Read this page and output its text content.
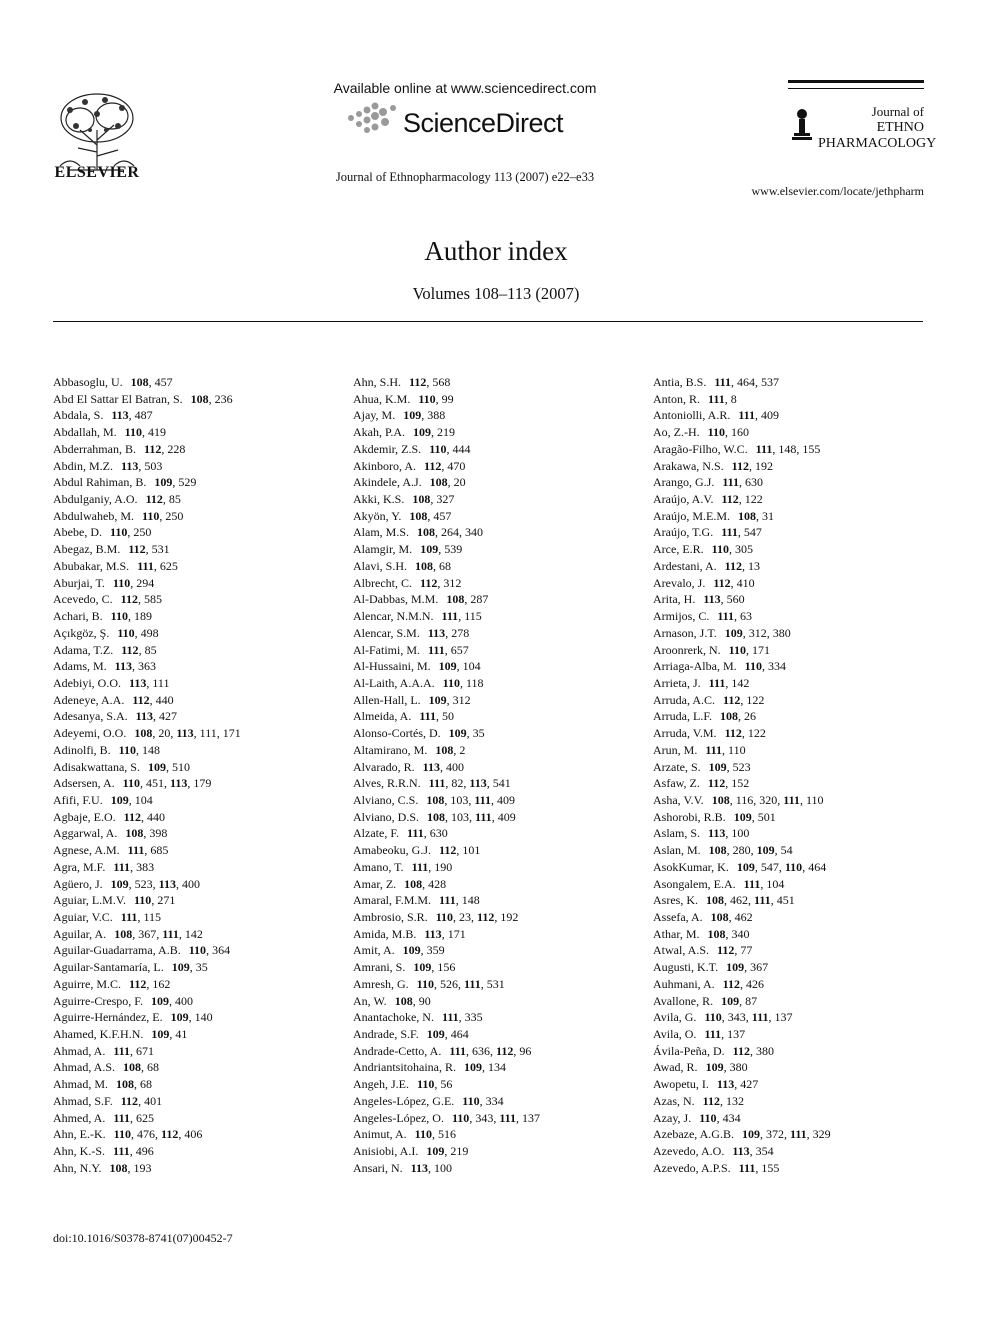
ELSEVIER
Available online at www.sciencedirect.com
ScienceDirect
Journal of Ethnopharmacology 113 (2007) e22–e33
Journal of
ETHNO
PHARMACOLOGY
www.elsevier.com/locate/jethpharm
Author index
Volumes 108–113 (2007)
Abbasoglu, U. 108, 457
Abd El Sattar El Batran, S. 108, 236
Abdala, S. 113, 487
Abdallah, M. 110, 419
Abderrahman, B. 112, 228
Abdin, M.Z. 113, 503
Abdul Rahiman, B. 109, 529
Abdulganiy, A.O. 112, 85
Abdulwaheb, M. 110, 250
Abebe, D. 110, 250
Abegaz, B.M. 112, 531
Abubakar, M.S. 111, 625
Aburjai, T. 110, 294
Acevedo, C. 112, 585
Achari, B. 110, 189
Açıkgöz, Ş. 110, 498
Adama, T.Z. 112, 85
Adams, M. 113, 363
Adebiyi, O.O. 113, 111
Adeneye, A.A. 112, 440
Adesanya, S.A. 113, 427
Adeyemi, O.O. 108, 20, 113, 111, 171
Adinolfi, B. 110, 148
Adisakwattana, S. 109, 510
Adsersen, A. 110, 451, 113, 179
Afifi, F.U. 109, 104
Agbaje, E.O. 112, 440
Aggarwal, A. 108, 398
Agnese, A.M. 111, 685
Agra, M.F. 111, 383
Agüero, J. 109, 523, 113, 400
Aguiar, L.M.V. 110, 271
Aguiar, V.C. 111, 115
Aguilar, A. 108, 367, 111, 142
Aguilar-Guadarrama, A.B. 110, 364
Aguilar-Santamaría, L. 109, 35
Aguirre, M.C. 112, 162
Aguirre-Crespo, F. 109, 400
Aguirre-Hernández, E. 109, 140
Ahamed, K.F.H.N. 109, 41
Ahmad, A. 111, 671
Ahmad, A.S. 108, 68
Ahmad, M. 108, 68
Ahmad, S.F. 112, 401
Ahmed, A. 111, 625
Ahn, E.-K. 110, 476, 112, 406
Ahn, K.-S. 111, 496
Ahn, N.Y. 108, 193
Ahn, S.H. 112, 568
Ahua, K.M. 110, 99
Ajay, M. 109, 388
Akah, P.A. 109, 219
Akdemir, Z.S. 110, 444
Akinboro, A. 112, 470
Akindele, A.J. 108, 20
Akki, K.S. 108, 327
Akyön, Y. 108, 457
Alam, M.S. 108, 264, 340
Alamgir, M. 109, 539
Alavi, S.H. 108, 68
Albrecht, C. 112, 312
Al-Dabbas, M.M. 108, 287
Alencar, N.M.N. 111, 115
Alencar, S.M. 113, 278
Al-Fatimi, M. 111, 657
Al-Hussaini, M. 109, 104
Al-Laith, A.A.A. 110, 118
Allen-Hall, L. 109, 312
Almeida, A. 111, 50
Alonso-Cortés, D. 109, 35
Altamirano, M. 108, 2
Alvarado, R. 113, 400
Alves, R.R.N. 111, 82, 113, 541
Alviano, C.S. 108, 103, 111, 409
Alviano, D.S. 108, 103, 111, 409
Alzate, F. 111, 630
Amabeoku, G.J. 112, 101
Amano, T. 111, 190
Amar, Z. 108, 428
Amaral, F.M.M. 111, 148
Ambrosio, S.R. 110, 23, 112, 192
Amida, M.B. 113, 171
Amit, A. 109, 359
Amrani, S. 109, 156
Amresh, G. 110, 526, 111, 531
An, W. 108, 90
Anantachoke, N. 111, 335
Andrade, S.F. 109, 464
Andrade-Cetto, A. 111, 636, 112, 96
Andriantsitohaina, R. 109, 134
Angeh, J.E. 110, 56
Angeles-López, G.E. 110, 334
Angeles-López, O. 110, 343, 111, 137
Animut, A. 110, 516
Anisiobi, A.I. 109, 219
Ansari, N. 113, 100
Antia, B.S. 111, 464, 537
Anton, R. 111, 8
Antoniolli, A.R. 111, 409
Ao, Z.-H. 110, 160
Aragão-Filho, W.C. 111, 148, 155
Arakawa, N.S. 112, 192
Arango, G.J. 111, 630
Araújo, A.V. 112, 122
Araújo, M.E.M. 108, 31
Araújo, T.G. 111, 547
Arce, E.R. 110, 305
Ardestani, A. 112, 13
Arevalo, J. 112, 410
Arita, H. 113, 560
Armijos, C. 111, 63
Arnason, J.T. 109, 312, 380
Aroonrerk, N. 110, 171
Arriaga-Alba, M. 110, 334
Arrieta, J. 111, 142
Arruda, A.C. 112, 122
Arruda, L.F. 108, 26
Arruda, V.M. 112, 122
Arun, M. 111, 110
Arzate, S. 109, 523
Asfaw, Z. 112, 152
Asha, V.V. 108, 116, 320, 111, 110
Ashorobi, R.B. 109, 501
Aslam, S. 113, 100
Aslan, M. 108, 280, 109, 54
AsokKumar, K. 109, 547, 110, 464
Asongalem, E.A. 111, 104
Asres, K. 108, 462, 111, 451
Assefa, A. 108, 462
Athar, M. 108, 340
Atwal, A.S. 112, 77
Augusti, K.T. 109, 367
Auhmani, A. 112, 426
Avallone, R. 109, 87
Avila, G. 110, 343, 111, 137
Avila, O. 111, 137
Ávila-Peña, D. 112, 380
Awad, R. 109, 380
Awopetu, I. 113, 427
Azas, N. 112, 132
Azay, J. 110, 434
Azebaze, A.G.B. 109, 372, 111, 329
Azevedo, A.O. 113, 354
Azevedo, A.P.S. 111, 155
doi:10.1016/S0378-8741(07)00452-7
